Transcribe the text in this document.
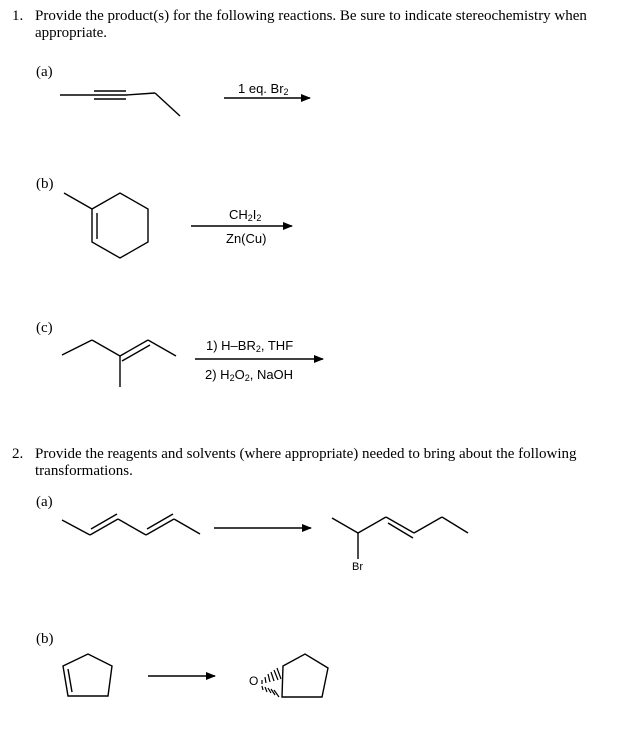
1. Provide the product(s) for the following reactions. Be sure to indicate stereochemistry when appropriate.
(a)
1 eq. $Br_2$
(b)
$CH_2I_2$
Zn(Cu)
(c)
1) $H-BR_2$, THF
2) $H_2O_2$, NaOH
2. Provide the reagents and solvents (where appropriate) needed to bring about the following transformations.
(a)
Br
(b)
O
